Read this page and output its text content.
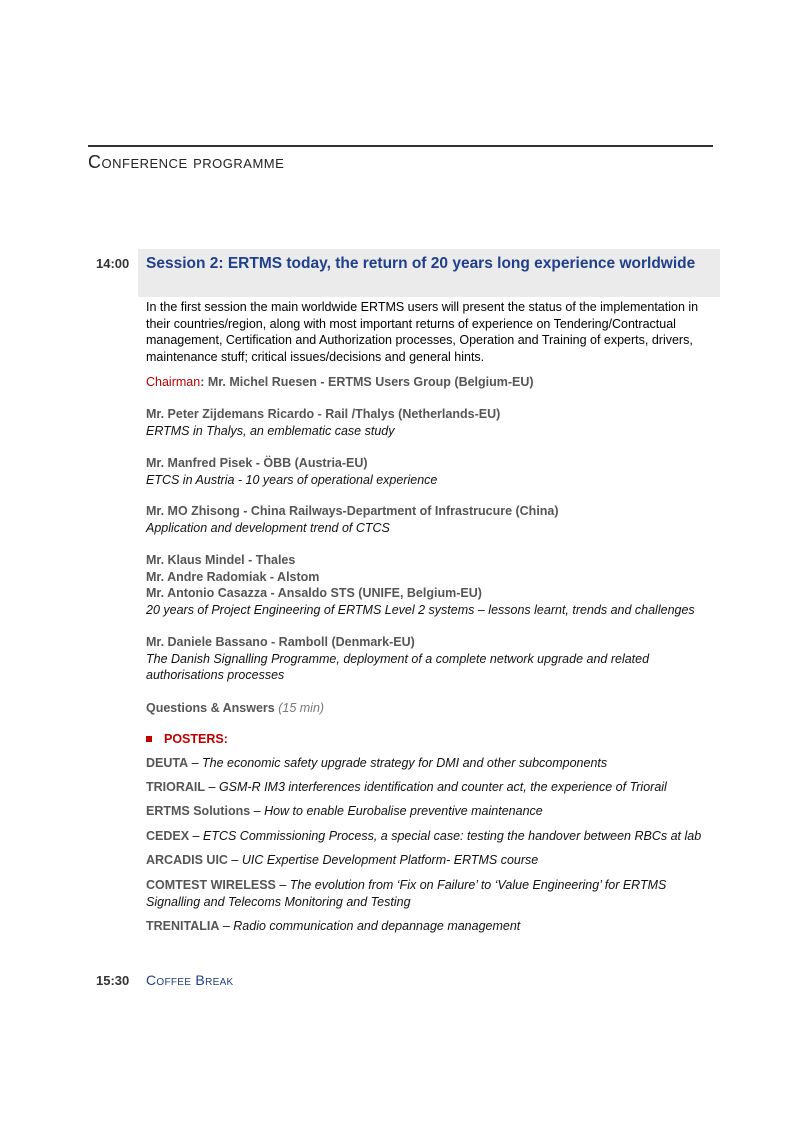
Conference programme
14:00 Session 2: ERTMS today, the return of 20 years long experience worldwide
In the first session the main worldwide ERTMS users will present the status of the implementation in their countries/region, along with most important returns of experience on Tendering/Contractual management, Certification and Authorization processes, Operation and Training of experts, drivers, maintenance stuff; critical issues/decisions and general hints.
Chairman: Mr. Michel Ruesen - ERTMS Users Group (Belgium-EU)
Mr. Peter Zijdemans Ricardo - Rail /Thalys (Netherlands-EU)
ERTMS in Thalys, an emblematic case study
Mr. Manfred Pisek - ÖBB (Austria-EU)
ETCS in Austria - 10 years of operational experience
Mr. MO Zhisong - China Railways-Department of Infrastrucure (China)
Application and development trend of CTCS
Mr. Klaus Mindel - Thales
Mr. Andre Radomiak - Alstom
Mr. Antonio Casazza - Ansaldo STS (UNIFE, Belgium-EU)
20 years of Project Engineering of ERTMS Level 2 systems – lessons learnt, trends and challenges
Mr. Daniele Bassano - Ramboll (Denmark-EU)
The Danish Signalling Programme, deployment of a complete network upgrade and related authorisations processes
Questions & Answers (15 min)
POSTERS:
DEUTA – The economic safety upgrade strategy for DMI and other subcomponents
TRIORAIL – GSM-R IM3 interferences identification and counter act, the experience of Triorail
ERTMS Solutions – How to enable Eurobalise preventive maintenance
CEDEX – ETCS Commissioning Process, a special case: testing the handover between RBCs at lab
ARCADIS UIC – UIC Expertise Development Platform- ERTMS course
COMTEST WIRELESS – The evolution from ‘Fix on Failure’ to ‘Value Engineering’ for ERTMS Signalling and Telecoms Monitoring and Testing
TRENITALIA – Radio communication and depannage management
15:30 Coffee Break
